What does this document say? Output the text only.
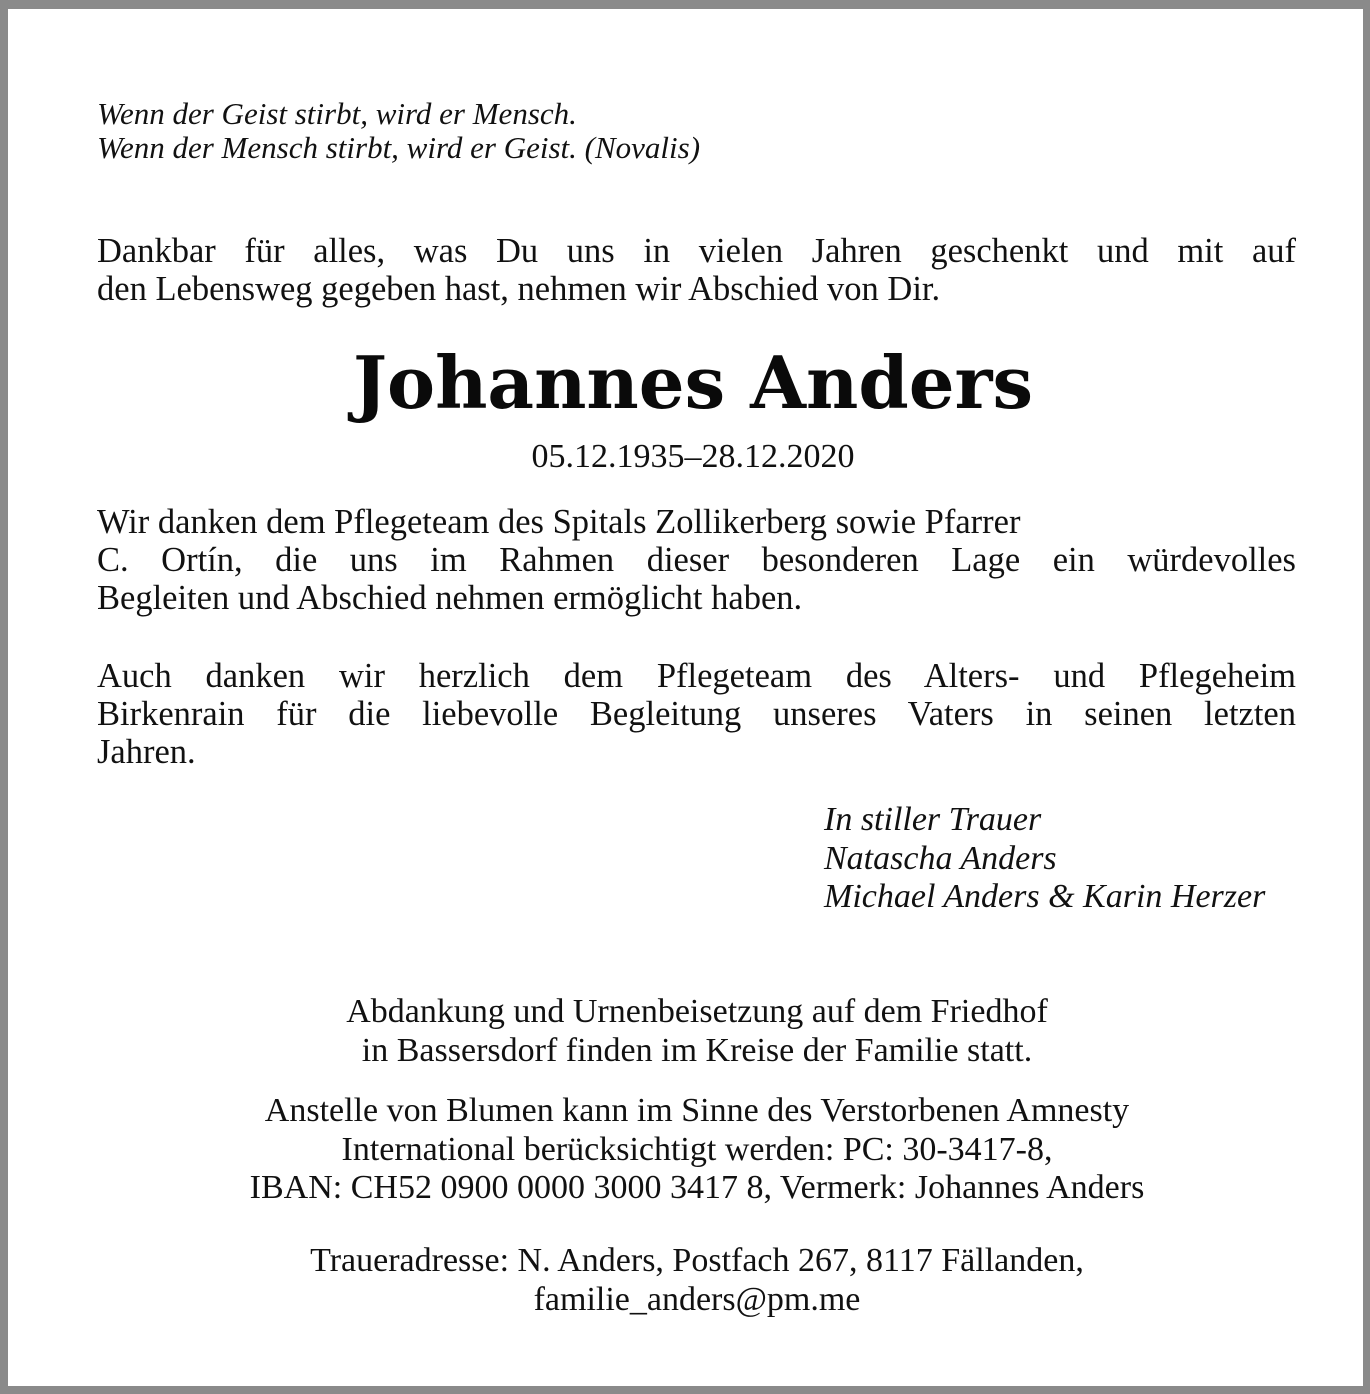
Wenn der Geist stirbt, wird er Mensch.
Wenn der Mensch stirbt, wird er Geist. (Novalis)
Dankbar für alles, was Du uns in vielen Jahren geschenkt und mit auf
den Lebensweg gegeben hast, nehmen wir Abschied von Dir.
Johannes Anders
05.12.1935–28.12.2020
Wir danken dem Pflegeteam des Spitals Zollikerberg sowie Pfarrer
C. Ortín, die uns im Rahmen dieser besonderen Lage ein würdevolles
Begleiten und Abschied nehmen ermöglicht haben.
Auch danken wir herzlich dem Pflegeteam des Alters- und Pflegeheim
Birkenrain für die liebevolle Begleitung unseres Vaters in seinen letzten
Jahren.
In stiller Trauer
Natascha Anders
Michael Anders & Karin Herzer
Abdankung und Urnenbeisetzung auf dem Friedhof
in Bassersdorf finden im Kreise der Familie statt.
Anstelle von Blumen kann im Sinne des Verstorbenen Amnesty
International berücksichtigt werden: PC: 30-3417-8,
IBAN: CH52 0900 0000 3000 3417 8, Vermerk: Johannes Anders
Traueradresse: N. Anders, Postfach 267, 8117 Fällanden,
familie_anders@pm.me
